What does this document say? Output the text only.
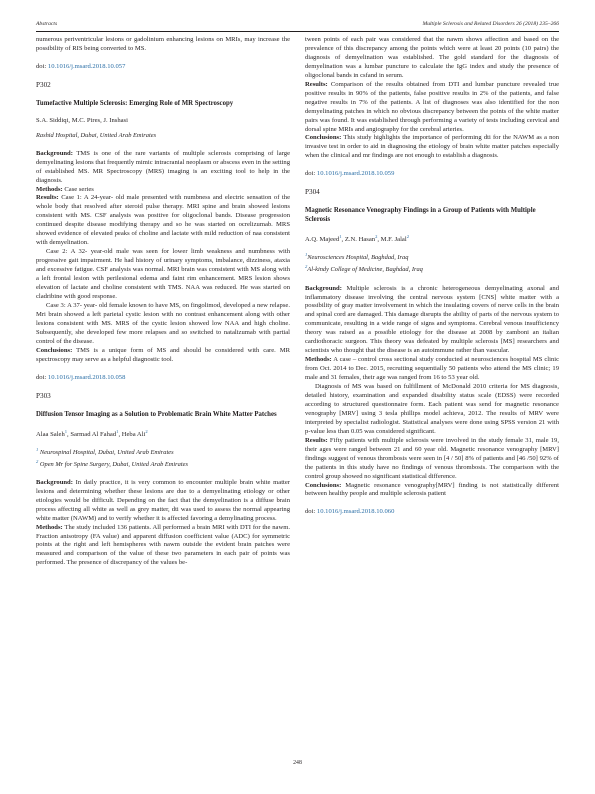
Abstracts	Multiple Sclerosis and Related Disorders 26 (2018) 235–266

numerous periventricular lesions or gadolinium enhancing lesions on MRIs, may increase the possibility of RIS being converted to MS.

doi: 10.1016/j.msard.2018.10.057

P302

Tumefactive Multiple Sclerosis: Emerging Role of MR Spectroscopy

S.A. Siddiqi, M.C. Pires, J. Inshasi

Rashid Hospital, Dubai, United Arab Emirates

Background: TMS is one of the rare variants of multiple sclerosis comprising of large demyelinating lesions that frequently mimic intracranial neoplasm or abscess even in the setting of established MS. MR Spectroscopy (MRS) imaging is an exciting tool to help in the diagnosis.

Methods: Case series

Results: Case 1: A 24-year- old male presented with numbness and electric sensation of the whole body that resolved after steroid pulse therapy. MRI spine and brain showed lesions consistent with MS. CSF analysis was positive for oligoclonal bands. Disease progression continued despite disease modifying therapy and so he was started on ocrelizumab. MRS showed evidence of elevated peaks of choline and lactate with mild reduction of naa consistent with demyelination.

Case 2: A 32- year-old male was seen for lower limb weakness and numbness with progressive gait impairment. He had history of urinary symptoms, imbalance, dizziness, ataxia and excessive fatigue. CSF analysis was normal. MRI brain was consistent with MS along with a left frontal lesion with perilesional edema and faint rim enhancement. MRS lesion shows elevation of lactate and choline consistent with TMS. NAA was reduced. He was started on cladribine with good response.

Case 3: A 37- year- old female known to have MS, on fingolimod, developed a new relapse. Mri brain showed a left parietal cystic lesion with no contrast enhancement along with other lesions consistent with MS. MRS of the cystic lesion showed low NAA and high choline. Subsequently, she developed few more relapses and so switched to natalizumab with partial control of the disease.

Conclusions: TMS is a unique form of MS and should be considered with care. MR spectroscopy may serve as a helpful diagnostic tool.

doi: 10.1016/j.msard.2018.10.058

P303

Diffusion Tensor Imaging as a Solution to Problematic Brain White Matter Patches

Alaa Saleh$^1$, Sarmad Al Fahad$^1$, Heba Ali$^2$

$^1$ Neurospinal Hospital, Dubai, United Arab Emirates

$^2$ Open Mr for Spine Surgery, Dubai, United Arab Emirates

Background: In daily practice, it is very common to encounter multiple brain white matter lesions and determining whether these lesions are due to a demyelinating etiology or other etiologies would be difficult. Depending on the fact that the demyelination is a diffuse brain process affecting all white as well as grey matter, dti was used to assess the normal appearing white matter (NAWM) and to verify whether it is affected favoring a demylinating process.

Methods: The study included 136 patients. All performed a brain MRI with DTI for the nawm. Fraction anisotropy (FA value) and apparent diffusion coefficient value (ADC) for symmetric points at the right and left hemispheres with nawm outside the evident brain patches were measured and comparison of the value of these two parameters in each pair of points was performed. The presence of discrepancy of the values be-

tween points of each pair was considered that the nawm shows affection and based on the prevalence of this discrepancy among the points which were at least 20 points (10 pairs) the diagnosis of demyelination was established. The gold standard for the diagnosis of demyelination was a lumbar puncture to calculate the IgG index and study the presence of oligoclonal bands in csfand in serum.

Results: Comparison of the results obtained from DTI and lumbar puncture revealed true positive results in 90% of the patients, false positive results in 2% of the patients, and false negative results in 7% of the patients. A list of diagnoses was also identified for the non demyelinating patches in which no obvious discrepancy between the points of the white matter pairs was found. It was established through performing a variety of tests including cervical and dorsal spine MRIs and angiography for the cerebral arteries.

Conclusions: This study highlights the importance of performing dti for the NAWM as a non invasive test in order to aid in diagnosing the etiology of brain white matter patches especially when the clinical and mr findings are not enough to establish a diagnosis.

doi: 10.1016/j.msard.2018.10.059

P304

Magnetic Resonance Venography Findings in a Group of Patients with Multiple Sclerosis

A.Q. Majeed$^1$, Z.N. Hasan$^2$, M.F. Jalal$^2$

$^1$Neurosciences Hospital, Baghdad, Iraq

$^2$Al-kindy College of Medicine, Baghdad, Iraq

Background: Multiple sclerosis is a chronic heterogeneous demyelinating axonal and inflammatory disease involving the central nervous system [CNS] white matter with a possibility of gray matter involvement in which the insulating covers of nerve cells in the brain and spinal cord are damaged. This damage disrupts the ability of parts of the nervous system to communicate, resulting in a wide range of signs and symptoms. Cerebral venous insufficiency theory was raised as a possible etiology for the disease at 2008 by zamboni an italian cardiothoracic surgeon. This theory was defeated by multiple sclerosis [MS] researchers and scientists who thought that the disease is an autoimmune rather than vascular.

Methods: A case – control cross sectional study conducted at neurosciences hospital MS clinic from Oct. 2014 to Dec. 2015, recruiting sequentially 50 patients who attend the MS clinic; 19 male and 31 females, their age was ranged from 16 to 53 year old.

Diagnosis of MS was based on fulfillment of McDonald 2010 criteria for MS diagnosis, detailed history, examination and expanded disability status scale (EDSS) were recorded according to structured questionnaire form. Each patient was send for magnetic resonance venography [MRV] using 3 tesla phillips model achieva, 2012. The results of MRV were interpreted by specialist radiologist. Statistical analyses were done using SPSS version 21 with p-value less than 0.05 was considered significant.

Results: Fifty patients with multiple sclerosis were involved in the study female 31, male 19, their ages were ranged between 21 and 60 year old. Magnetic resonance venography [MRV] findings suggest of venous thrombosis were seen in [4 / 50] 8% of patients and [46 /50] 92% of the patients in this study have no findings of venous thrombosis. The comparison with the control group showed no significant statistical difference.

Conclusions: Magnetic resonance venography[MRV] finding is not statistically different between healthy people and multiple sclerosis patient

doi: 10.1016/j.msard.2018.10.060

248
